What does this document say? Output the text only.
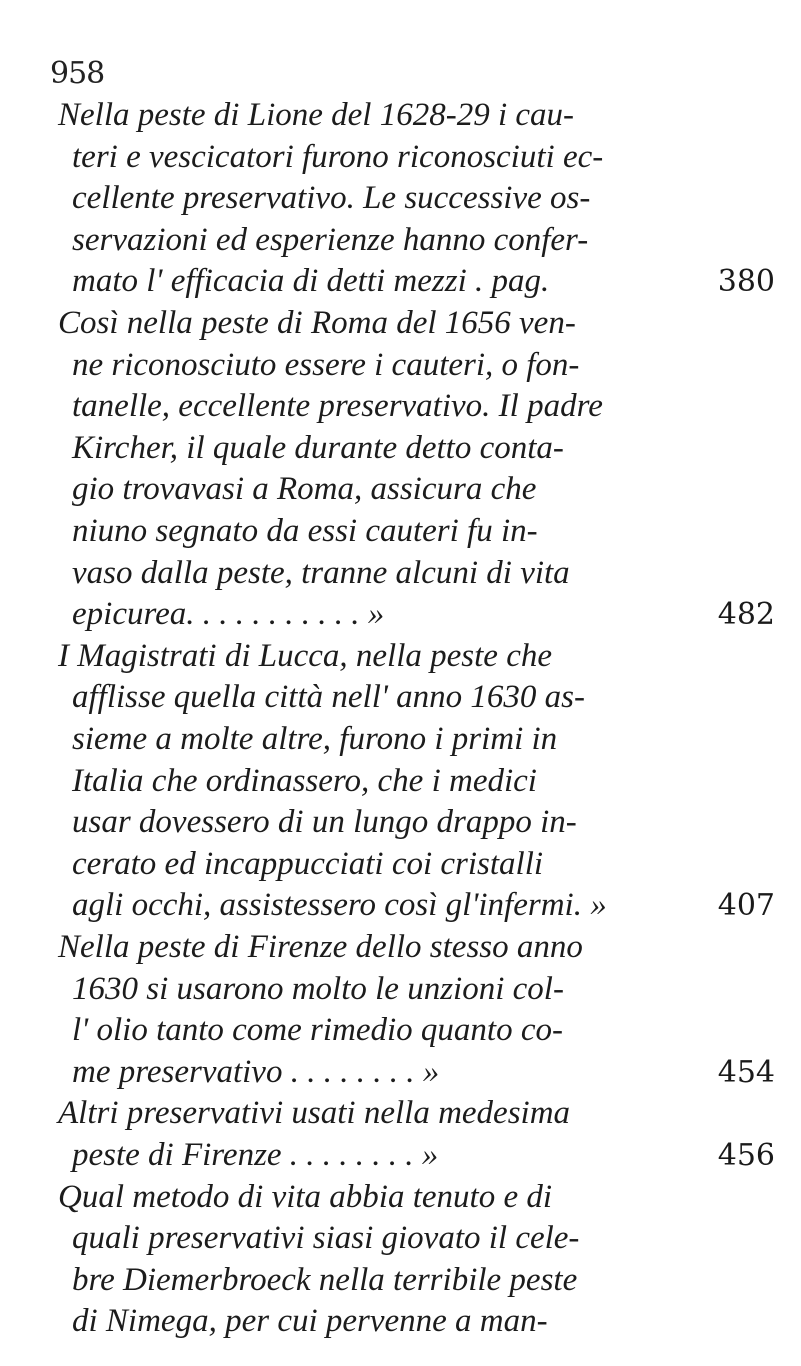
958
Nella peste di Lione del 1628-29 i cau-
teri e vescicatori furono riconosciuti ec-
cellente preservativo. Le successive os-
servazioni ed esperienze hanno confer-
mato l' efficacia di detti mezzi . pag.	380
Così nella peste di Roma del 1656 ven-
ne riconosciuto essere i cauteri, o fon-
tanelle, eccellente preservativo. Il padre
Kircher, il quale durante detto conta-
gio trovavasi a Roma, assicura che
niuno segnato da essi cauteri fu in-
vaso dalla peste, tranne alcuni di vita
epicurea. . . . . . . . . . . »	482
I Magistrati di Lucca, nella peste che
afflisse quella città nell' anno 1630 as-
sieme a molte altre, furono i primi in
Italia che ordinassero, che i medici
usar dovessero di un lungo drappo in-
cerato ed incappucciati coi cristalli
agli occhi, assistessero così gl'infermi. »	407
Nella peste di Firenze dello stesso anno
1630 si usarono molto le unzioni col-
l' olio tanto come rimedio quanto co-
me preservativo . . . . . . . . »	454
Altri preservativi usati nella medesima
peste di Firenze . . . . . . . . »	456
Qual metodo di vita abbia tenuto e di
quali preservativi siasi giovato il cele-
bre Diemerbroeck nella terribile peste
di Nimega, per cui pervenne a man-
